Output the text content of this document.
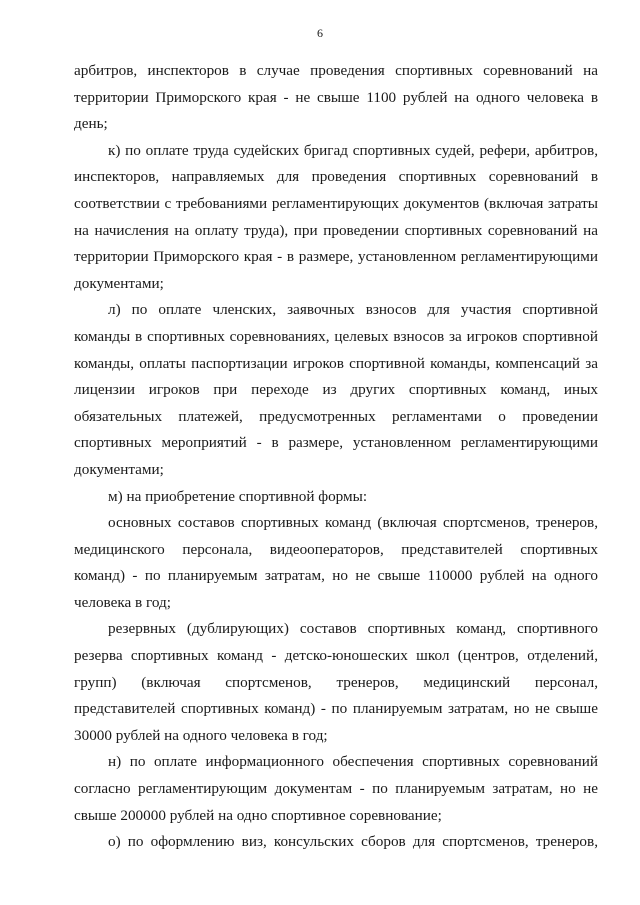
6

арбитров, инспекторов в случае проведения спортивных соревнований на
территории Приморского края - не свыше 1100 рублей на одного человека в
день;

к) по оплате труда судейских бригад спортивных судей, рефери, арбитров,
инспекторов, направляемых для проведения спортивных соревнований в
соответствии с требованиями регламентирующих документов (включая затраты
на начисления на оплату труда), при проведении спортивных соревнований на
территории Приморского края - в размере, установленном регламентирующими
документами;

л) по оплате членских, заявочных взносов для участия спортивной
команды в спортивных соревнованиях, целевых взносов за игроков спортивной
команды, оплаты паспортизации игроков спортивной команды, компенсаций за
лицензии игроков при переходе из других спортивных команд, иных
обязательных платежей, предусмотренных регламентами о проведении
спортивных мероприятий - в размере, установленном регламентирующими
документами;

м) на приобретение спортивной формы:

основных составов спортивных команд (включая спортсменов, тренеров,
медицинского персонала, видеооператоров, представителей спортивных
команд) - по планируемым затратам, но не свыше 110000 рублей на одного
человека в год;

резервных (дублирующих) составов спортивных команд, спортивного
резерва спортивных команд - детско-юношеских школ (центров, отделений,
групп) (включая спортсменов, тренеров, медицинский персонал,
представителей спортивных команд) - по планируемым затратам, но не свыше
30000 рублей на одного человека в год;

н) по оплате информационного обеспечения спортивных соревнований
согласно регламентирующим документам - по планируемым затратам, но не
свыше 200000 рублей на одно спортивное соревнование;

о) по оформлению виз, консульских сборов для спортсменов, тренеров,
